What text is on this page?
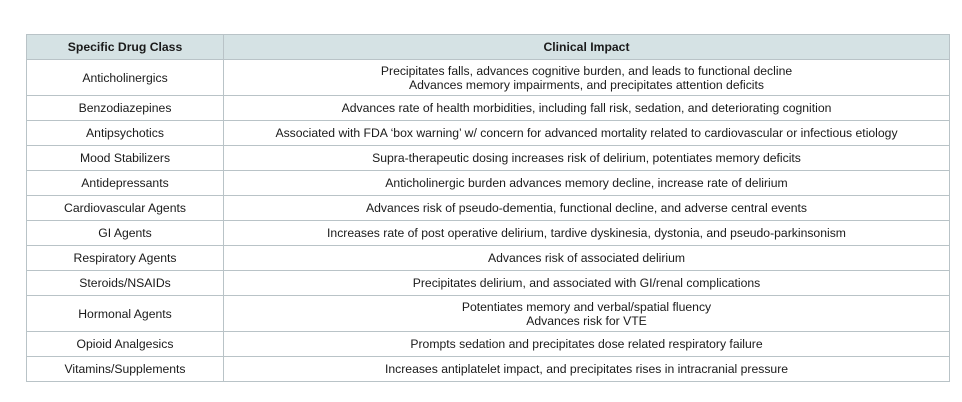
Specific Drug Class	Clinical Impact
Anticholinergics	Precipitates falls, advances cognitive burden, and leads to functional decline
Advances memory impairments, and precipitates attention deficits

Benzodiazepines	Advances rate of health morbidities, including fall risk, sedation, and deteriorating cognition
Antipsychotics	Associated with FDA ‘box warning’ w/ concern for advanced mortality related to cardiovascular or infectious etiology
Mood Stabilizers	Supra-therapeutic dosing increases risk of delirium, potentiates memory deficits
Antidepressants	Anticholinergic burden advances memory decline, increase rate of delirium
Cardiovascular Agents	Advances risk of pseudo-dementia, functional decline, and adverse central events
GI Agents	Increases rate of post operative delirium, tardive dyskinesia, dystonia, and pseudo-parkinsonism
Respiratory Agents	Advances risk of associated delirium
Steroids/NSAIDs	Precipitates delirium, and associated with GI/renal complications
Hormonal Agents	Potentiates memory and verbal/spatial fluency
Advances risk for VTE

Opioid Analgesics	Prompts sedation and precipitates dose related respiratory failure
Vitamins/Supplements	Increases antiplatelet impact, and precipitates rises in intracranial pressure
